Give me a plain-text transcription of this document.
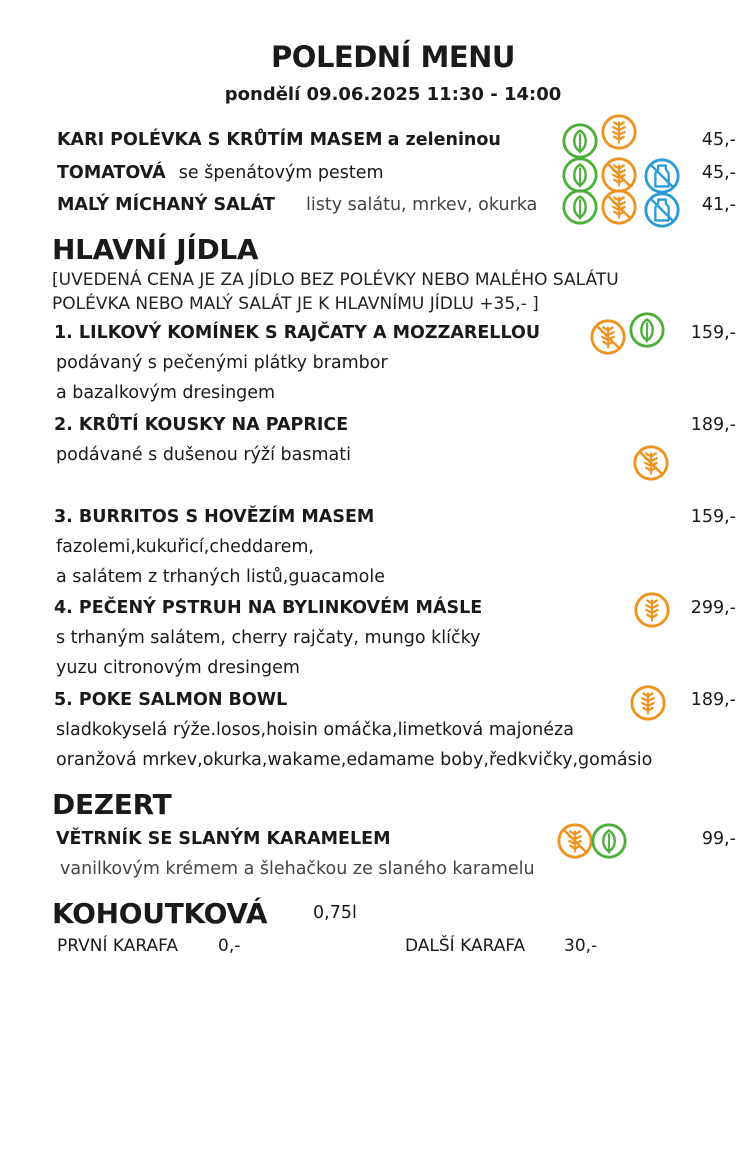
POLEDNÍ MENU
pondělí 09.06.2025 11:30 - 14:00
KARI POLÉVKA S KRŮTÍM MASEM a zeleninou	45,-
TOMATOVÁ se špenátovým pestem	45,-
MALÝ MÍCHANÝ SALÁT listy salátu, mrkev, okurka	41,-
HLAVNÍ JÍDLA
[UVEDENÁ CENA JE ZA JÍDLO BEZ POLÉVKY NEBO MALÉHO SALÁTU
POLÉVKA NEBO MALÝ SALÁT JE K HLAVNÍMU JÍDLU +35,- ]
1. LILKOVÝ KOMÍNEK S RAJČATY A MOZZARELLOU	159,-
podávaný s pečenými plátky brambor
a bazalkovým dresingem
2. KRŮTÍ KOUSKY NA PAPRICE	189,-
podávané s dušenou rýží basmati
3. BURRITOS S HOVĚZÍM MASEM	159,-
fazolemi,kukuřicí,cheddarem,
a salátem z trhaných listů,guacamole
4. PEČENÝ PSTRUH NA BYLINKOVÉM MÁSLE	299,-
s trhaným salátem, cherry rajčaty, mungo klíčky
yuzu citronovým dresingem
5. POKE SALMON BOWL	189,-
sladkokyselá rýže.losos,hoisin omáčka,limetková majonéza
oranžová mrkev,okurka,wakame,edamame boby,ředkvičky,gomásio
DEZERT
VĚTRNÍK SE SLANÝM KARAMELEM	99,-
vanilkovým krémem a šlehačkou ze slaného karamelu
KOHOUTKOVÁ	0,75l
PRVNÍ KARAFA 0,-	DALŠÍ KARAFA 30,-
